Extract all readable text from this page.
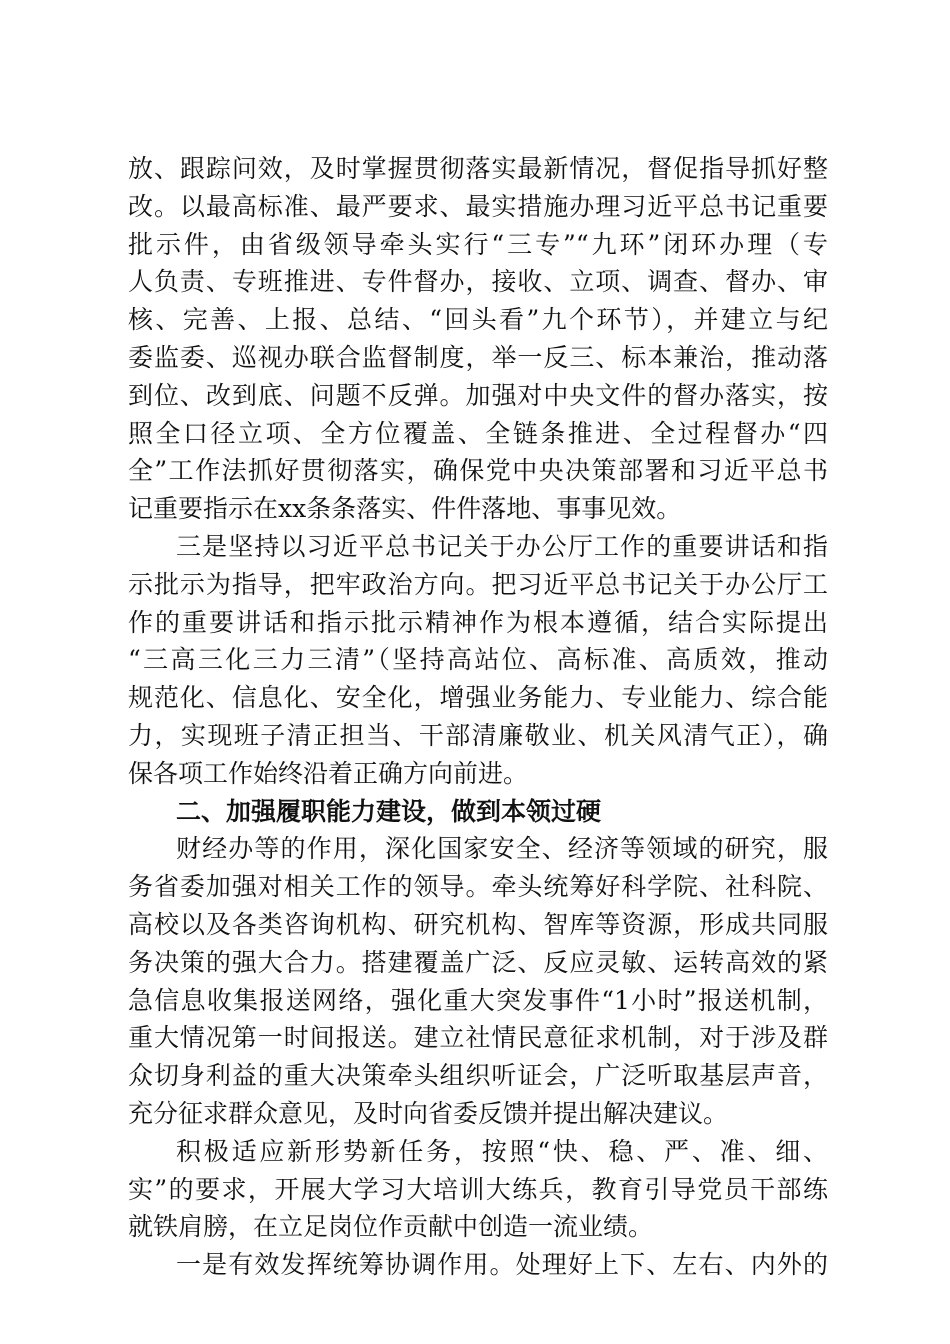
放、跟踪问效，及时掌握贯彻落实最新情况，督促指导抓好整
改。以最高标准、最严要求、最实措施办理习近平总书记重要
批示件，由省级领导牵头实行“三专”“九环”闭环办理（专
人负责、专班推进、专件督办，接收、立项、调查、督办、审
核、完善、上报、总结、“回头看”九个环节），并建立与纪
委监委、巡视办联合监督制度，举一反三、标本兼治，推动落
到位、改到底、问题不反弹。加强对中央文件的督办落实，按
照全口径立项、全方位覆盖、全链条推进、全过程督办“四
全”工作法抓好贯彻落实，确保党中央决策部署和习近平总书
记重要指示在xx条条落实、件件落地、事事见效。
三是坚持以习近平总书记关于办公厅工作的重要讲话和指
示批示为指导，把牢政治方向。把习近平总书记关于办公厅工
作的重要讲话和指示批示精神作为根本遵循，结合实际提出
“三高三化三力三清”（坚持高站位、高标准、高质效，推动
规范化、信息化、安全化，增强业务能力、专业能力、综合能
力，实现班子清正担当、干部清廉敬业、机关风清气正），确
保各项工作始终沿着正确方向前进。
二、加强履职能力建设，做到本领过硬
财经办等的作用，深化国家安全、经济等领域的研究，服
务省委加强对相关工作的领导。牵头统筹好科学院、社科院、
高校以及各类咨询机构、研究机构、智库等资源，形成共同服
务决策的强大合力。搭建覆盖广泛、反应灵敏、运转高效的紧
急信息收集报送网络，强化重大突发事件“1小时”报送机制，
重大情况第一时间报送。建立社情民意征求机制，对于涉及群
众切身利益的重大决策牵头组织听证会，广泛听取基层声音，
充分征求群众意见，及时向省委反馈并提出解决建议。
积极适应新形势新任务，按照“快、稳、严、准、细、
实”的要求，开展大学习大培训大练兵，教育引导党员干部练
就铁肩膀，在立足岗位作贡献中创造一流业绩。
一是有效发挥统筹协调作用。处理好上下、左右、内外的
